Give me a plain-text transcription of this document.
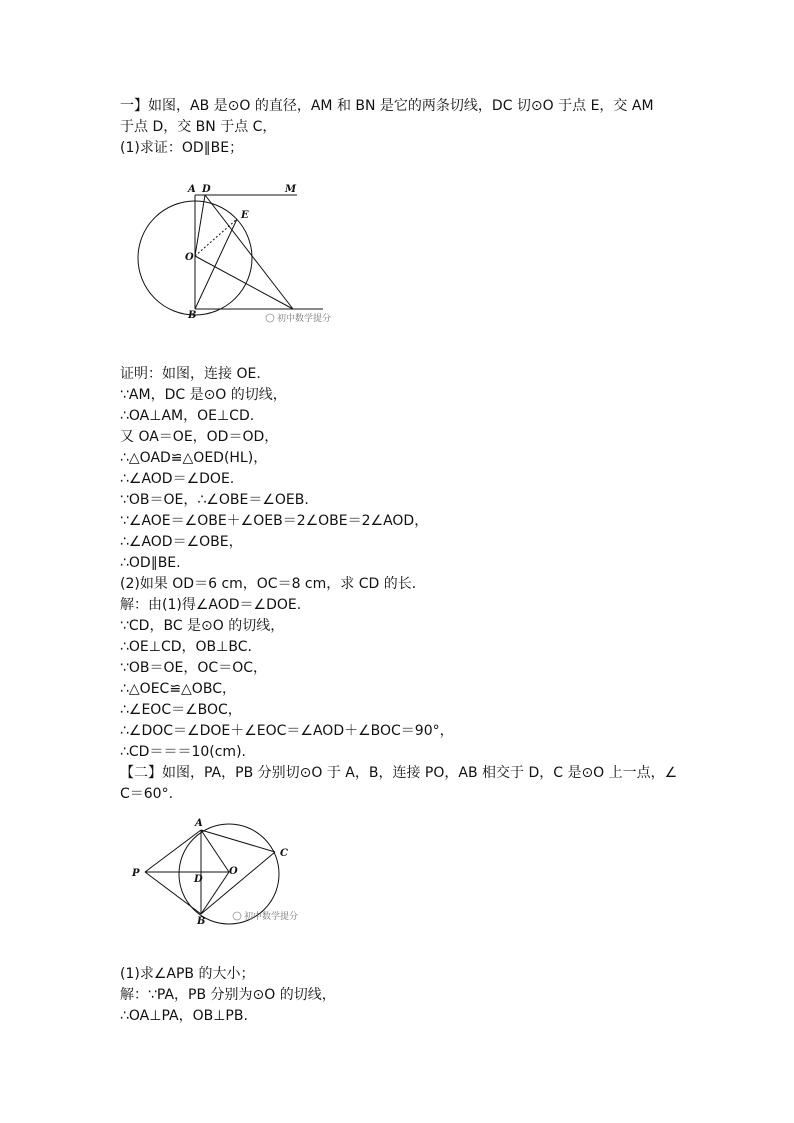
一】如图，AB 是⊙O 的直径，AM 和 BN 是它的两条切线，DC 切⊙O 于点 E，交 AM
于点 D，交 BN 于点 C，
(1)求证：OD∥BE；
A D	M
E
O
B	初中数学提分
证明：如图，连接 OE.
∵AM，DC 是⊙O 的切线，
∴OA⊥AM，OE⊥CD.
又 OA＝OE，OD＝OD，
∴△OAD≌△OED(HL)，
∴∠AOD＝∠DOE.
∵OB＝OE，∴∠OBE＝∠OEB.
∵∠AOE＝∠OBE＋∠OEB＝2∠OBE＝2∠AOD，
∴∠AOD＝∠OBE，
∴OD∥BE.
(2)如果 OD＝6 cm，OC＝8 cm，求 CD 的长．
解：由(1)得∠AOD＝∠DOE.
∵CD，BC 是⊙O 的切线，
∴OE⊥CD，OB⊥BC.
∵OB＝OE，OC＝OC，
∴△OEC≌△OBC，
∴∠EOC＝∠BOC，
∴∠DOC＝∠DOE＋∠EOC＝∠AOD＋∠BOC＝90°，
∴CD＝＝＝10(cm).
【二】如图，PA，PB 分别切⊙O 于 A，B，连接 PO，AB 相交于 D，C 是⊙O 上一点，∠
C＝60°.
A
P
D
O
C
B	初中数学提分
(1)求∠APB 的大小；
解：∵PA，PB 分别为⊙O 的切线，
∴OA⊥PA，OB⊥PB.
